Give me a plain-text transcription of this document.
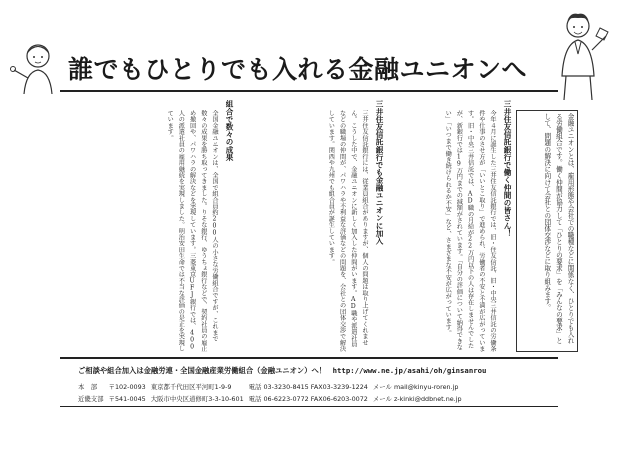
誰でもひとりでも入れる金融ユニオンへ
金融ユニオンとは、雇用形態や会社での職種などに関係なく、ひとりでも入れる労働組合です。働く仲間が協力して「ひとりの要求」を「みんなの要求」として、問題の解決に向けて会社との団体交渉などに取り組みます。
三井住友信託銀行で働く仲間の皆さん！
今年４月に誕生した三井住友信託銀行では、旧・住友信託、旧・中央三井信託の労働条件や仕事のさせ方が「いいとこ取り」で進められ、労働者の不安と不満が広がっています。旧・中央三井信託では、AD職の月給が22万円以下の人は存在しませんでしたが、新銀行では19万円までの減額がされています。「自分の評価について納得できない」「いつまで働き続けられるか不安」など、さまざまな不安が広がっています。
三井住友信託銀行でも金融ユニオンに加入
三井住友信託銀行には、従業員組合がありますが、個人の問題は取り上げてくれません。こうした中で、金融ユニオンに新しく加入した仲間がいます。AD職や派遣社員などの職場の仲間が、パワハラや不利益な評価などの問題を、会社との団体交渉で解決しています。関西や九州でも組合員が誕生しています。
組合で数々の成果
全国金融ユニオンは、全国で組合員約200人の小さな労働組合ですが、これまで数々の成果を勝ち取ってきました。りそな銀行、ゆうちょ銀行などで、契約社員の雇止め撤回や、パワハラの解決などを実現しています。三菱東京UFJ銀行では、400人の派遣社員の雇用継続を実現しました。明治安田生命では不当な評価の是正を実現しています。
ご相談や組合加入は金融労連・全国金融産業労働組合（金融ユニオン）へ！ http://www.ne.jp/asahi/oh/ginsanrou
本　部	〒102-0093	東京都千代田区平河町1-9-9	電話 03-3230-8415 FAX03-3239-1224	メール mail@kinyu-roren.jp
近畿支部	〒541-0045	大阪市中央区道修町3-3-10-601	電話 06-6223-0772 FAX06-6203-0072	メール z-kinki@ddbnet.ne.jp
